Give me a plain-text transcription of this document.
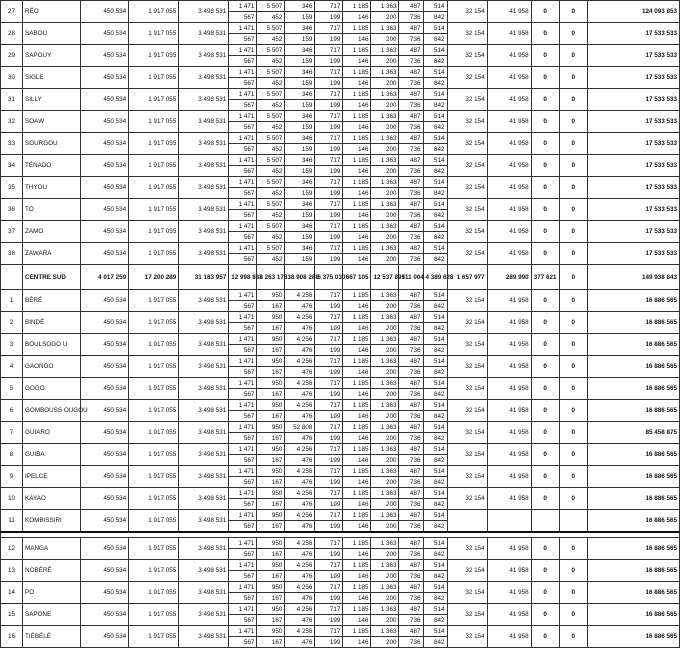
27	RÉO	450 534	1 917 055	3 498 531	1 471	5 507	346	717	1 185	1 363	487	514	32 154	41 958	0	0	124 093 853
					567	452	159	199	146	200	736	842					
28	SABOU	450 534	1 917 055	3 498 531	1 471	5 507	346	717	1 185	1 363	487	514	32 154	41 958	0	0	17 533 533
					567	452	159	199	146	200	736	842					
29	SAPOUY	450 534	1 917 055	3 498 531	1 471	5 507	346	717	1 185	1 363	487	514	32 154	41 958	0	0	17 533 533
					567	452	159	199	146	200	736	842					
30	SIGLE	450 534	1 917 055	3 498 531	1 471	5 507	346	717	1 185	1 363	487	514	32 154	41 958	0	0	17 533 533
					567	452	159	199	146	200	736	842					
31	SILLY	450 534	1 917 055	3 498 531	1 471	5 507	346	717	1 185	1 363	487	514	32 154	41 958	0	0	17 533 533
					567	452	159	199	146	200	736	842					
32	SOAW	450 534	1 917 055	3 498 531	1 471	5 507	346	717	1 185	1 363	487	514	32 154	41 958	0	0	17 533 533
					567	452	159	199	146	200	736	842					
33	SOURGOU	450 534	1 917 055	3 498 531	1 471	5 507	346	717	1 185	1 363	487	514	32 154	41 958	0	0	17 533 533
					567	452	159	199	146	200	736	842					
34	TÉNADO	450 534	1 917 055	3 498 531	1 471	5 507	346	717	1 185	1 363	487	514	32 154	41 958	0	0	17 533 533
					567	452	159	199	146	200	736	842					
35	THYOU	450 534	1 917 055	3 498 531	1 471	5 507	346	717	1 185	1 363	487	514	32 154	41 958	0	0	17 533 533
					567	452	159	199	146	200	736	842					
36	TÖ	450 534	1 917 055	3 498 531	1 471	5 507	346	717	1 185	1 363	487	514	32 154	41 958	0	0	17 533 533
					567	452	159	199	146	200	736	842					
37	ZAMO	450 534	1 917 055	3 498 531	1 471	5 507	346	717	1 185	1 363	487	514	32 154	41 958	0	0	17 533 533
					567	452	159	199	146	200	736	842					
38	ZAWARA	450 534	1 917 055	3 498 531	1 471	5 507	346	717	1 185	1 363	487	514	32 154	41 958	0	0	17 533 533
					567	452	159	199	146	200	736	842					
	CENTRE SUD	4 017 259	17 200 289	31 183 957	12 998 838	8 263 178	38 908 288	6 375 030	667 105	12 537 897	511 004	4 389 628	1 657 977	289 990	377 621	0	149 938 843
1	BÉRÉ	450 534	1 917 055	3 498 531	1 471	950	4 256	717	1 185	1 363	487	514	32 154	41 958	0	0	16 886 565
					567	167	476	199	146	200	736	842					
2	BINDÉ	450 534	1 917 055	3 498 531	1 471	950	4 256	717	1 185	1 363	487	514	32 154	41 958	0	0	16 886 565
					567	167	476	199	146	200	736	842					
3	BOULSOGO U	450 534	1 917 055	3 498 531	1 471	950	4 256	717	1 185	1 363	487	514	32 154	41 958	0	0	16 886 565
					567	167	476	199	146	200	736	842					
4	GAONGO	450 534	1 917 055	3 498 531	1 471	950	4 256	717	1 185	1 363	487	514	32 154	41 958	0	0	16 886 565
					567	167	476	199	146	200	736	842					
5	GOGO	450 534	1 917 055	3 498 531	1 471	950	4 256	717	1 185	1 363	487	514	32 154	41 958	0	0	16 886 565
					567	167	476	199	146	200	736	842					
6	GOMBOUSS OUGOU	450 534	1 917 055	3 498 531	1 471	950	4 256	717	1 185	1 363	487	514	32 154	41 958	0	0	16 886 565
					567	167	476	199	146	200	736	842					
7	GUIARO	450 534	1 917 055	3 498 531	1 471	950	52 808	717	1 185	1 363	487	514	32 154	41 958	0	0	85 458 875
					567	167	476	199	146	200	736	842					
8	GUIBA	450 534	1 917 055	3 498 531	1 471	950	4 256	717	1 185	1 363	487	514	32 154	41 958	0	0	16 886 565
					567	167	476	199	146	200	736	842					
9	IPELCE	450 534	1 917 055	3 498 531	1 471	950	4 256	717	1 185	1 363	487	514	32 154	41 958	0	0	16 886 565
					567	167	476	199	146	200	736	842					
10	KAYAO	450 534	1 917 055	3 498 531	1 471	950	4 256	717	1 185	1 363	487	514	32 154	41 958	0	0	16 886 565
					567	167	476	199	146	200	736	842					
11	KOMBISSIRI	450 534	1 917 055	3 498 531	1 471	950	4 256	717	1 185	1 363	487	514					16 886 565
					567	167	476	199	146	200	736	842					

12	MANGA	450 534	1 917 055	3 498 531	1 471	950	4 256	717	1 185	1 363	487	514	32 154	41 958	0	0	16 886 565
					567	167	476	199	146	200	736	842					
13	NOBÉRÉ	450 534	1 917 055	3 498 531	1 471	950	4 256	717	1 185	1 363	487	514	32 154	41 958	0	0	16 886 565
					567	167	476	199	146	200	736	842					
14	PO	450 534	1 917 055	3 498 531	1 471	950	4 256	717	1 185	1 363	487	514	32 154	41 958	0	0	16 886 565
					567	167	476	199	146	200	736	842					
15	SAPONE	450 534	1 917 055	3 498 531	1 471	950	4 256	717	1 185	1 363	487	514	32 154	41 958	0	0	16 886 565
					567	167	476	199	146	200	736	842					
16	TIÉBÉLÉ	450 534	1 917 055	3 498 531	1 471	950	4 256	717	1 185	1 363	487	514	32 154	41 958	0	0	16 886 565
					567	167	476	199	146	200	736	842					
